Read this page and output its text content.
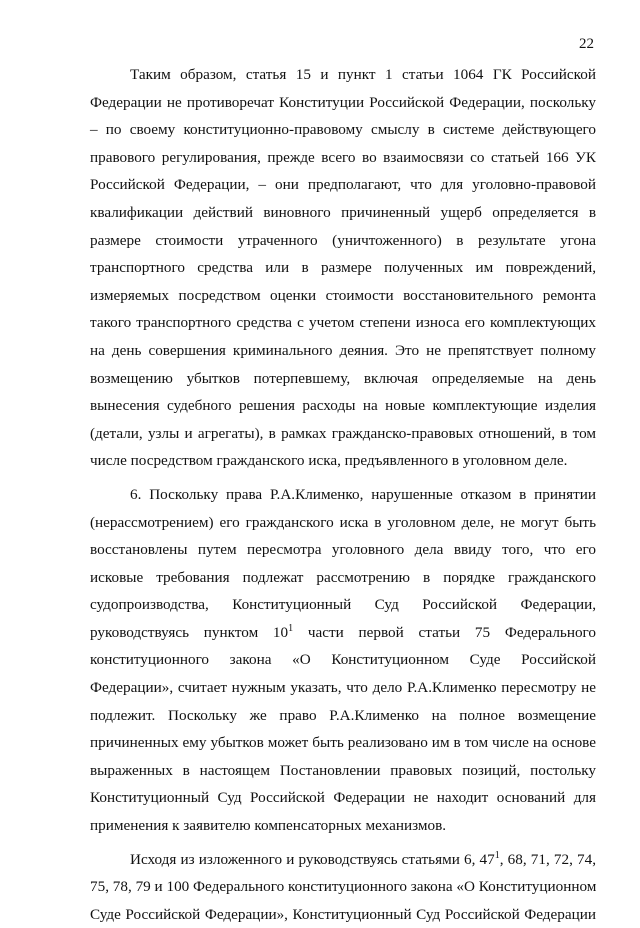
22
Таким образом, статья 15 и пункт 1 статьи 1064 ГК Российской
Федерации не противоречат Конституции Российской Федерации, поскольку
– по своему конституционно-правовому смыслу в системе действующего
правового регулирования, прежде всего во взаимосвязи со статьей 166 УК
Российской Федерации, – они предполагают, что для уголовно-правовой
квалификации действий виновного причиненный ущерб определяется в
размере стоимости утраченного (уничтоженного) в результате угона
транспортного средства или в размере полученных им повреждений,
измеряемых посредством оценки стоимости восстановительного ремонта
такого транспортного средства с учетом степени износа его комплектующих
на день совершения криминального деяния. Это не препятствует полному
возмещению убытков потерпевшему, включая определяемые на день
вынесения судебного решения расходы на новые комплектующие изделия
(детали, узлы и агрегаты), в рамках гражданско-правовых отношений, в том
числе посредством гражданского иска, предъявленного в уголовном деле.
6. Поскольку права Р.А.Клименко, нарушенные отказом в принятии
(нерассмотрением) его гражданского иска в уголовном деле, не могут быть
восстановлены путем пересмотра уголовного дела ввиду того, что его
исковые требования подлежат рассмотрению в порядке гражданского
судопроизводства, Конституционный Суд Российской Федерации,
руководствуясь пунктом $10^1$ части первой статьи 75 Федерального
конституционного закона «О Конституционном Суде Российской
Федерации», считает нужным указать, что дело Р.А.Клименко пересмотру не
подлежит. Поскольку же право Р.А.Клименко на полное возмещение
причиненных ему убытков может быть реализовано им в том числе на основе
выраженных в настоящем Постановлении правовых позиций, постольку
Конституционный Суд Российской Федерации не находит оснований для
применения к заявителю компенсаторных механизмов.
Исходя из изложенного и руководствуясь статьями 6, $47^1$, 68, 71, 72, 74,
75, 78, 79 и 100 Федерального конституционного закона «О Конституционном
Суде Российской Федерации», Конституционный Суд Российской Федерации
